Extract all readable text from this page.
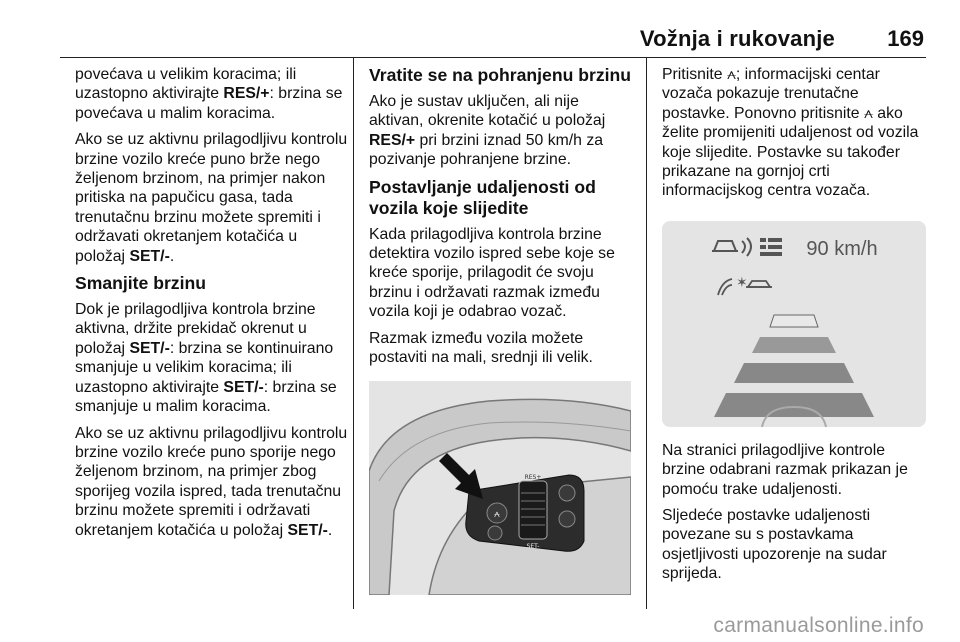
Vožnja i rukovanje 169

povećava u velikim koracima; ili uzastopno aktivirajte RES/+: brzina se povećava u malim koracima.

Ako se uz aktivnu prilagodljivu kontrolu brzine vozilo kreće puno brže nego željenom brzinom, na primjer nakon pritiska na papučicu gasa, tada trenutačnu brzinu možete spremiti i održavati okretanjem kotačića u položaj SET/-.

Smanjite brzinu

Dok je prilagodljiva kontrola brzine aktivna, držite prekidač okrenut u položaj SET/-: brzina se kontinuirano smanjuje u velikim koracima; ili uzastopno aktivirajte SET/-: brzina se smanjuje u malim koracima.

Ako se uz aktivnu prilagodljivu kontrolu brzine vozilo kreće puno sporije nego željenom brzinom, na primjer zbog sporijeg vozila ispred, tada trenutačnu brzinu možete spremiti i održavati okretanjem kotačića u položaj SET/-.

Vratite se na pohranjenu brzinu

Ako je sustav uključen, ali nije aktivan, okrenite kotačić u položaj RES/+ pri brzini iznad 50 km/h za pozivanje pohranjene brzine.

Postavljanje udaljenosti od vozila koje slijedite

Kada prilagodljiva kontrola brzine detektira vozilo ispred sebe koje se kreće sporije, prilagodit će svoju brzinu i održavati razmak između vozila koji je odabrao vozač.

Razmak između vozila možete postaviti na mali, srednji ili velik.

⩜
RES+
SET-

Pritisnite ⩜; informacijski centar vozača pokazuje trenutačne postavke. Ponovno pritisnite ⩜ ako želite promijeniti udaljenost od vozila koje slijedite. Postavke su također prikazane na gornjoj crti informacijskog centra vozača.

90 km/h
✶

Na stranici prilagodljive kontrole brzine odabrani razmak prikazan je pomoću trake udaljenosti.

Sljedeće postavke udaljenosti povezane su s postavkama osjetljivosti upozorenje na sudar sprijeda.

carmanualsonline.info
